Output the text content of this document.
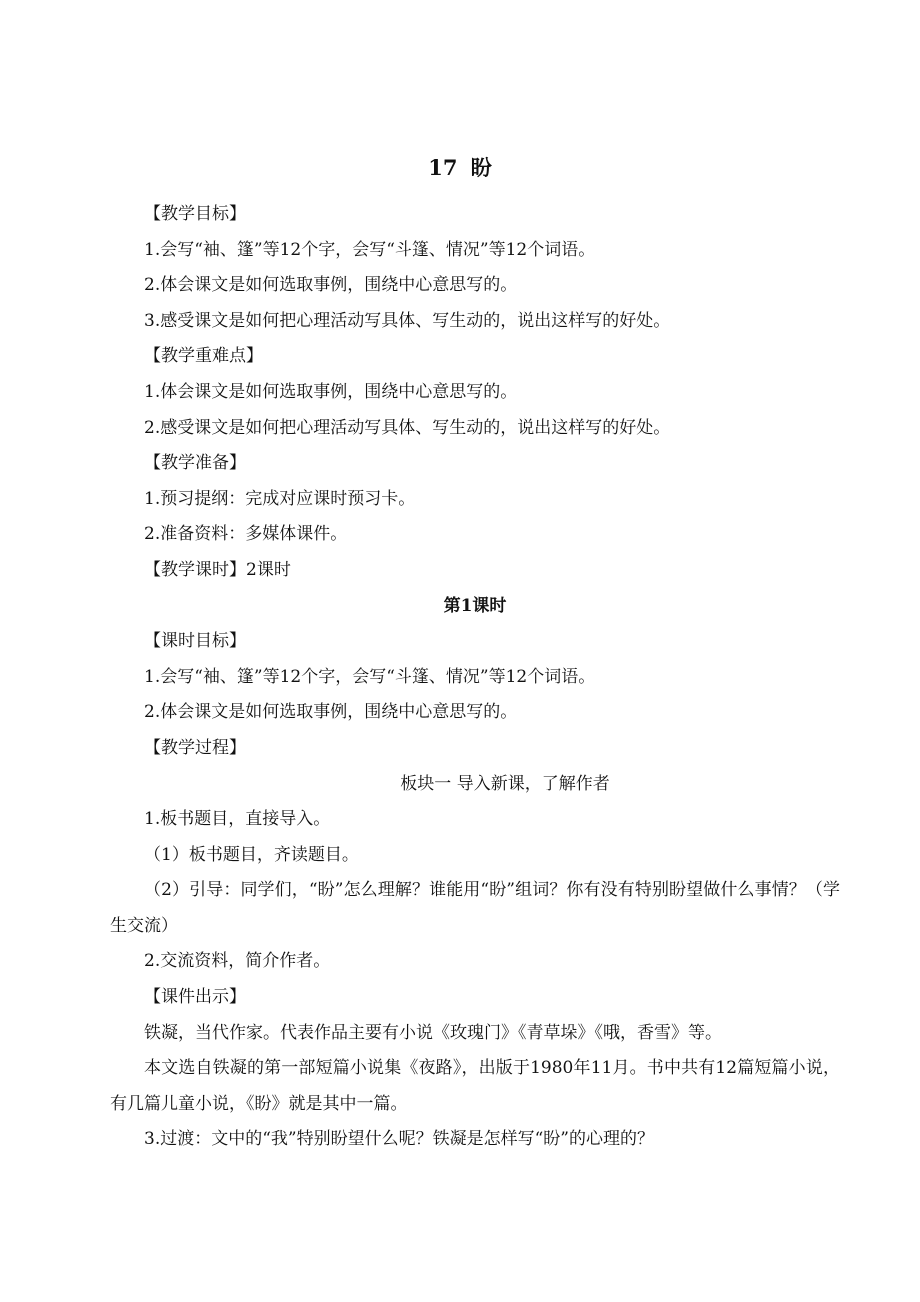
17 盼

【教学目标】

1.会写“袖、篷”等12个字，会写“斗篷、情况”等12个词语。

2.体会课文是如何选取事例，围绕中心意思写的。

3.感受课文是如何把心理活动写具体、写生动的，说出这样写的好处。

【教学重难点】

1.体会课文是如何选取事例，围绕中心意思写的。

2.感受课文是如何把心理活动写具体、写生动的，说出这样写的好处。

【教学准备】

1.预习提纲：完成对应课时预习卡。

2.准备资料：多媒体课件。

【教学课时】2课时

第1课时

【课时目标】

1.会写“袖、篷”等12个字，会写“斗篷、情况”等12个词语。

2.体会课文是如何选取事例，围绕中心意思写的。

【教学过程】

板块一 导入新课，了解作者

1.板书题目，直接导入。

（1）板书题目，齐读题目。

（2）引导：同学们，“盼”怎么理解？谁能用“盼”组词？你有没有特别盼望做什么事情？（学生交流）

2.交流资料，简介作者。

【课件出示】

铁凝，当代作家。代表作品主要有小说《玫瑰门》《青草垛》《哦，香雪》等。

本文选自铁凝的第一部短篇小说集《夜路》，出版于1980年11月。书中共有12篇短篇小说，有几篇儿童小说，《盼》就是其中一篇。

3.过渡：文中的“我”特别盼望什么呢？铁凝是怎样写“盼”的心理的？
